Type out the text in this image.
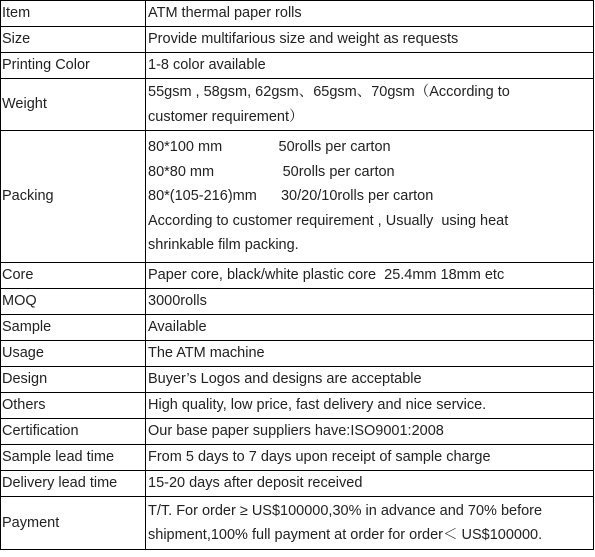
Item	ATM thermal paper rolls

Size	Provide multifarious size and weight as requests

Printing Color	1-8 color available

Weight	55gsm , 58gsm, 62gsm、65gsm、70gsm（According to
customer requirement）

Packing	80*100 mm              50rolls per carton
80*80 mm                 50rolls per carton
80*(105-216)mm      30/20/10rolls per carton
According to customer requirement , Usually  using heat
shrinkable film packing.

Core	Paper core, black/white plastic core  25.4mm 18mm etc

MOQ	3000rolls

Sample	Available

Usage	The ATM machine

Design	Buyer’s Logos and designs are acceptable

Others	High quality, low price, fast delivery and nice service.

Certification	Our base paper suppliers have:ISO9001:2008

Sample lead time	From 5 days to 7 days upon receipt of sample charge

Delivery lead time	15-20 days after deposit received

Payment	T/T. For order ≥ US$100000,30% in advance and 70% before
shipment,100% full payment at order for order＜ US$100000.
